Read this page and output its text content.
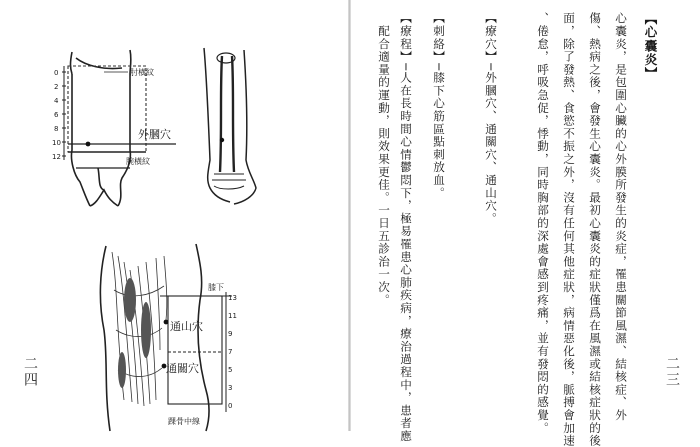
0
2
4
6
8
10
12
肘橫紋
外膕穴
腕橫紋
13
11
9
7
5
3
0
膝下
通山穴
通關穴
踝骨中線
二四
【心囊炎】
心囊炎，是包圍心臟的心外膜所發生的炎症，罹患關節風濕、結核症、外
傷、熱病之後，會發生心囊炎。最初心囊炎的症狀僅爲在風濕或結核症狀的後
面，除了發熱、食慾不振之外，沒有任何其他症狀，病情惡化後，脈搏會加速
、倦怠，呼吸急促，悸動，同時胸部的深處會感到疼痛，並有發悶的感覺。
【療穴】─外膕穴、通關穴、通山穴。
【刺絡】─膝下心筋區點刺放血。
【療程】─人在長時間心情鬱悶下，極易罹患心肺疾病，療治過程中，患者應
　配合適量的運動，則效果更佳。一日五診治一次。
二三
